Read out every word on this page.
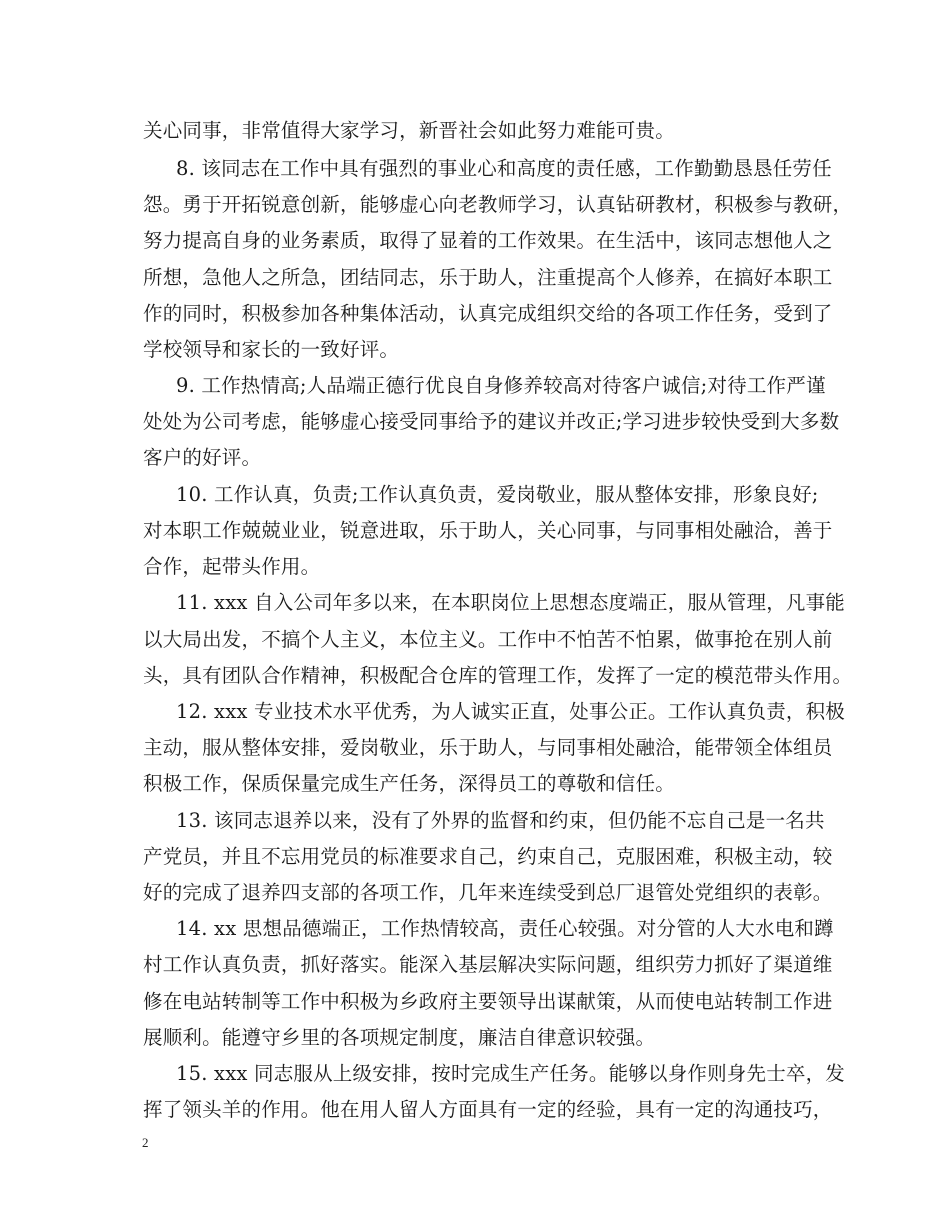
关心同事，非常值得大家学习，新晋社会如此努力难能可贵。
8. 该同志在工作中具有强烈的事业心和高度的责任感，工作勤勤恳恳任劳任
怨。勇于开拓锐意创新，能够虚心向老教师学习，认真钻研教材，积极参与教研，
努力提高自身的业务素质，取得了显着的工作效果。在生活中，该同志想他人之
所想，急他人之所急，团结同志，乐于助人，注重提高个人修养，在搞好本职工
作的同时，积极参加各种集体活动，认真完成组织交给的各项工作任务，受到了
学校领导和家长的一致好评。
9. 工作热情高;人品端正德行优良自身修养较高对待客户诚信;对待工作严谨
处处为公司考虑，能够虚心接受同事给予的建议并改正;学习进步较快受到大多数
客户的好评。
10. 工作认真，负责;工作认真负责，爱岗敬业，服从整体安排，形象良好;
对本职工作兢兢业业，锐意进取，乐于助人，关心同事，与同事相处融洽，善于
合作，起带头作用。
11. xxx 自入公司年多以来，在本职岗位上思想态度端正，服从管理，凡事能
以大局出发，不搞个人主义，本位主义。工作中不怕苦不怕累，做事抢在别人前
头，具有团队合作精神，积极配合仓库的管理工作，发挥了一定的模范带头作用。
12. xxx 专业技术水平优秀，为人诚实正直，处事公正。工作认真负责，积极
主动，服从整体安排，爱岗敬业，乐于助人，与同事相处融洽，能带领全体组员
积极工作，保质保量完成生产任务，深得员工的尊敬和信任。
13. 该同志退养以来，没有了外界的监督和约束，但仍能不忘自己是一名共
产党员，并且不忘用党员的标准要求自己，约束自己，克服困难，积极主动，较
好的完成了退养四支部的各项工作，几年来连续受到总厂退管处党组织的表彰。
14. xx 思想品德端正，工作热情较高，责任心较强。对分管的人大水电和蹲
村工作认真负责，抓好落实。能深入基层解决实际问题，组织劳力抓好了渠道维
修在电站转制等工作中积极为乡政府主要领导出谋献策，从而使电站转制工作进
展顺利。能遵守乡里的各项规定制度，廉洁自律意识较强。
15. xxx 同志服从上级安排，按时完成生产任务。能够以身作则身先士卒，发
挥了领头羊的作用。他在用人留人方面具有一定的经验，具有一定的沟通技巧，
2
